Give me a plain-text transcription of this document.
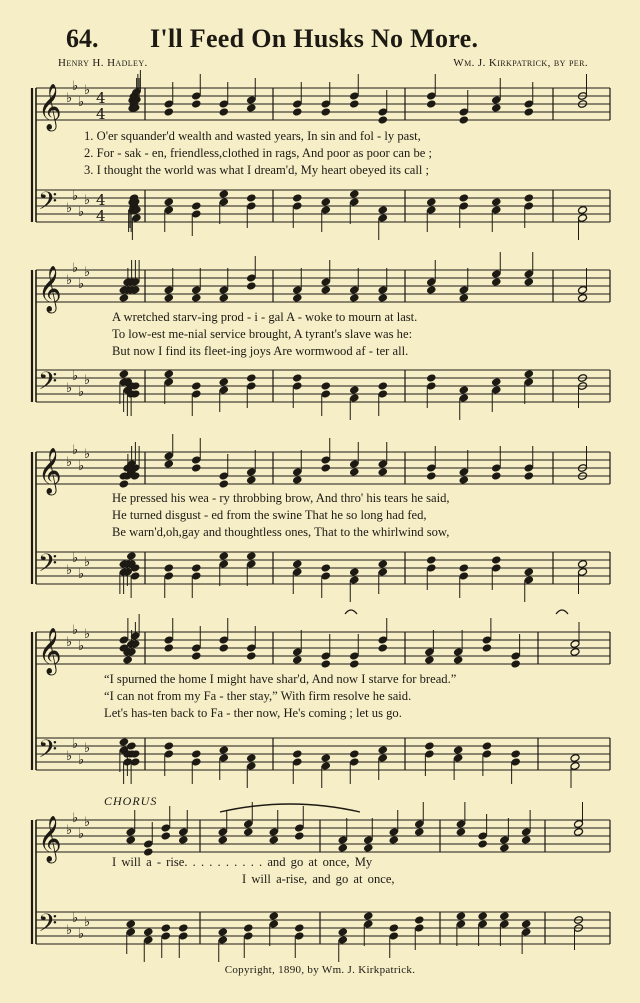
64. I'll Feed On Husks No More.
Henry H. Hadley.	Wm. J. Kirkpatrick, by per.
𝄞
𝄢
♭
♭
♭
♭
♭
♭
♭
♭
4
4
4
4
𝄞
𝄢
♭
♭
♭
♭
♭
♭
♭
♭
𝄞
𝄢
♭
♭
♭
♭
♭
♭
♭
♭
𝄞
𝄢
♭
♭
♭
♭
♭
♭
♭
♭
𝄞
𝄢
♭
♭
♭
♭
♭
♭
♭
♭
1. O'er squander'd wealth and wasted years, In sin and fol - ly past,
2. For - sak - en, friendless,clothed in rags, And poor as poor can be ;
3. I thought the world was what I dream'd, My heart obeyed its call ;
A wretched starv-ing prod - i - gal A - woke to mourn at last.
To low-est me-nial service brought, A tyrant's slave was he:
But now I find its fleet-ing joys Are wormwood af - ter all.
He pressed his wea - ry throbbing brow, And thro' his tears he said,
He turned disgust - ed from the swine That he so long had fed,
Be warn'd,oh,gay and thoughtless ones, That to the whirlwind sow,
“I spurned the home I might have shar'd, And now I starve for bread.”
“I can not from my Fa - ther stay,” With firm resolve he said.
Let's has-ten back to Fa - ther now, He's coming ; let us go.
CHORUS
I will a - rise. . . . . . . . . . and go at once, My
I will a-rise, and go at once,
Copyright, 1890, by Wm. J. Kirkpatrick.
